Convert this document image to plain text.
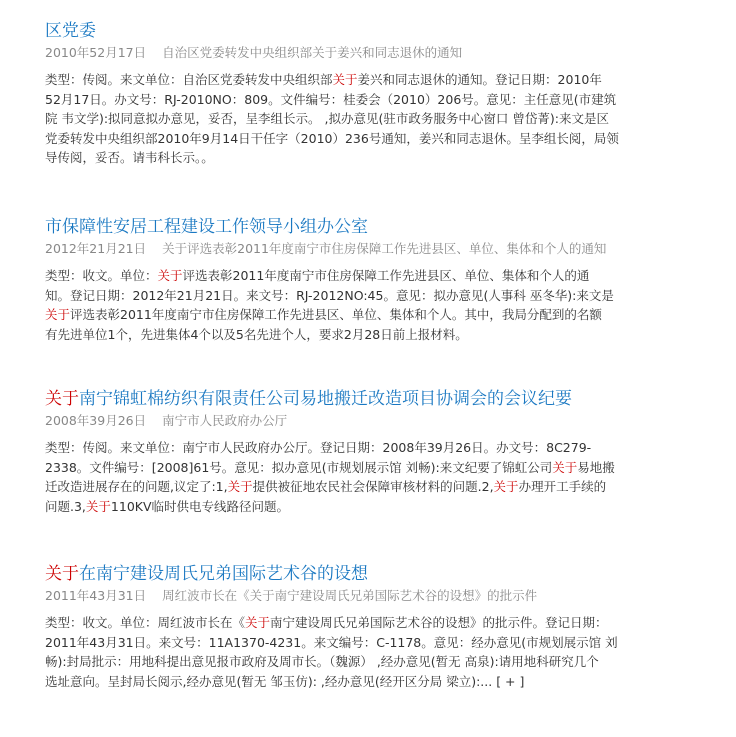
区党委
2010年52月17日 自治区党委转发中央组织部关于姜兴和同志退休的通知
类型：传阅。来文单位：自治区党委转发中央组织部关于姜兴和同志退休的通知。登记日期：2010年
52月17日。办文号：RJ-2010NO：809。文件编号：桂委会（2010）206号。意见：主任意见(市建筑
院 韦文学):拟同意拟办意见，妥否，呈李组长示。 ,拟办意见(驻市政务服务中心窗口 曾岱菁):来文是区
党委转发中央组织部2010年9月14日干任字（2010）236号通知，姜兴和同志退休。呈李组长阅，局领
导传阅，妥否。请韦科长示。。
市保障性安居工程建设工作领导小组办公室
2012年21月21日 关于评选表彰2011年度南宁市住房保障工作先进县区、单位、集体和个人的通知
类型：收文。单位：关于评选表彰2011年度南宁市住房保障工作先进县区、单位、集体和个人的通
知。登记日期：2012年21月21日。来文号：RJ-2012NO:45。意见：拟办意见(人事科 巫冬华):来文是
关于评选表彰2011年度南宁市住房保障工作先进县区、单位、集体和个人。其中，我局分配到的名额
有先进单位1个，先进集体4个以及5名先进个人，要求2月28日前上报材料。
关于南宁锦虹棉纺织有限责任公司易地搬迁改造项目协调会的会议纪要
2008年39月26日 南宁市人民政府办公厅
类型：传阅。来文单位：南宁市人民政府办公厅。登记日期：2008年39月26日。办文号：8C279-
2338。文件编号：[2008]61号。意见：拟办意见(市规划展示馆 刘畅):来文纪要了锦虹公司关于易地搬
迁改造进展存在的问题,议定了:1,关于提供被征地农民社会保障审核材料的问题.2,关于办理开工手续的
问题.3,关于110KV临时供电专线路径问题。
关于在南宁建设周氏兄弟国际艺术谷的设想
2011年43月31日 周红波市长在《关于南宁建设周氏兄弟国际艺术谷的设想》的批示件
类型：收文。单位：周红波市长在《关于南宁建设周氏兄弟国际艺术谷的设想》的批示件。登记日期：
2011年43月31日。来文号：11A1370-4231。来文编号：C-1178。意见：经办意见(市规划展示馆 刘
畅):封局批示：用地科提出意见报市政府及周市长。（魏源） ,经办意见(暂无 高泉):请用地科研究几个
选址意向。呈封局长阅示,经办意见(暂无 邹玉仿): ,经办意见(经开区分局 梁立):... [ + ]
